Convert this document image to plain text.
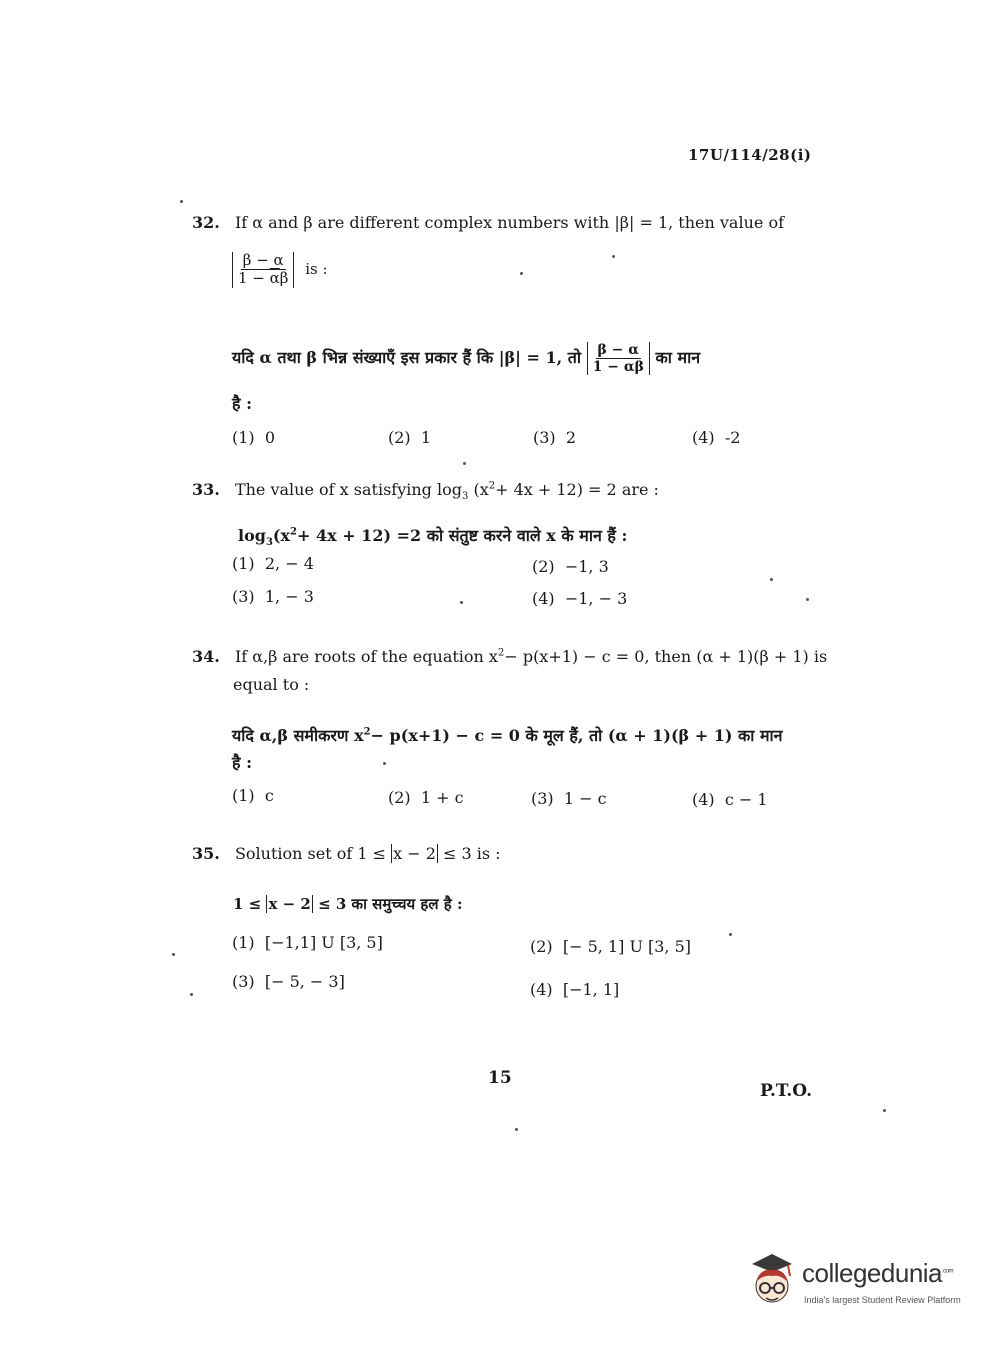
17U/114/28(i)
32. If α and β are different complex numbers with |β| = 1, then value of
$\frac{\beta - \alpha}{1 - \overline{\alpha}\beta}$ is :
यदि α तथा β भिन्न संख्याएँ इस प्रकार हैं कि |β| = 1, तो $\frac{\beta - \alpha}{1 - \overline{\alpha}\beta}$ का मान
है :
(1) 0	(2) 1	(3) 2	(4) -2
33. The value of x satisfying $\log_3 (x^2+ 4x + 12) = 2$ are :
$\log_3(x^2+ 4x + 12) =2$ को संतुष्ट करने वाले x के मान हैं :
(1) 2, − 4	(2) −1, 3
(3) 1, − 3	(4) −1, − 3
34. If α,β are roots of the equation $x^2- p(x+1) - c = 0$, then (α + 1)(β + 1) is
equal to :
यदि α,β समीकरण $x^2- p(x+1) - c = 0$ के मूल हैं, तो (α + 1)(β + 1) का मान
है :
(1) c	(2) 1 + c	(3) 1 − c	(4) c − 1
35. Solution set of 1 ≤ x − 2 ≤ 3 is :
1 ≤ x − 2 ≤ 3 का समुच्चय हल है :
(1) [−1,1] U [3, 5]	(2) [− 5, 1] U [3, 5]
(3) [− 5, − 3]	(4) [−1, 1]
15
P.T.O.
collegedunia$^{.com}$
India's largest Student Review Platform
